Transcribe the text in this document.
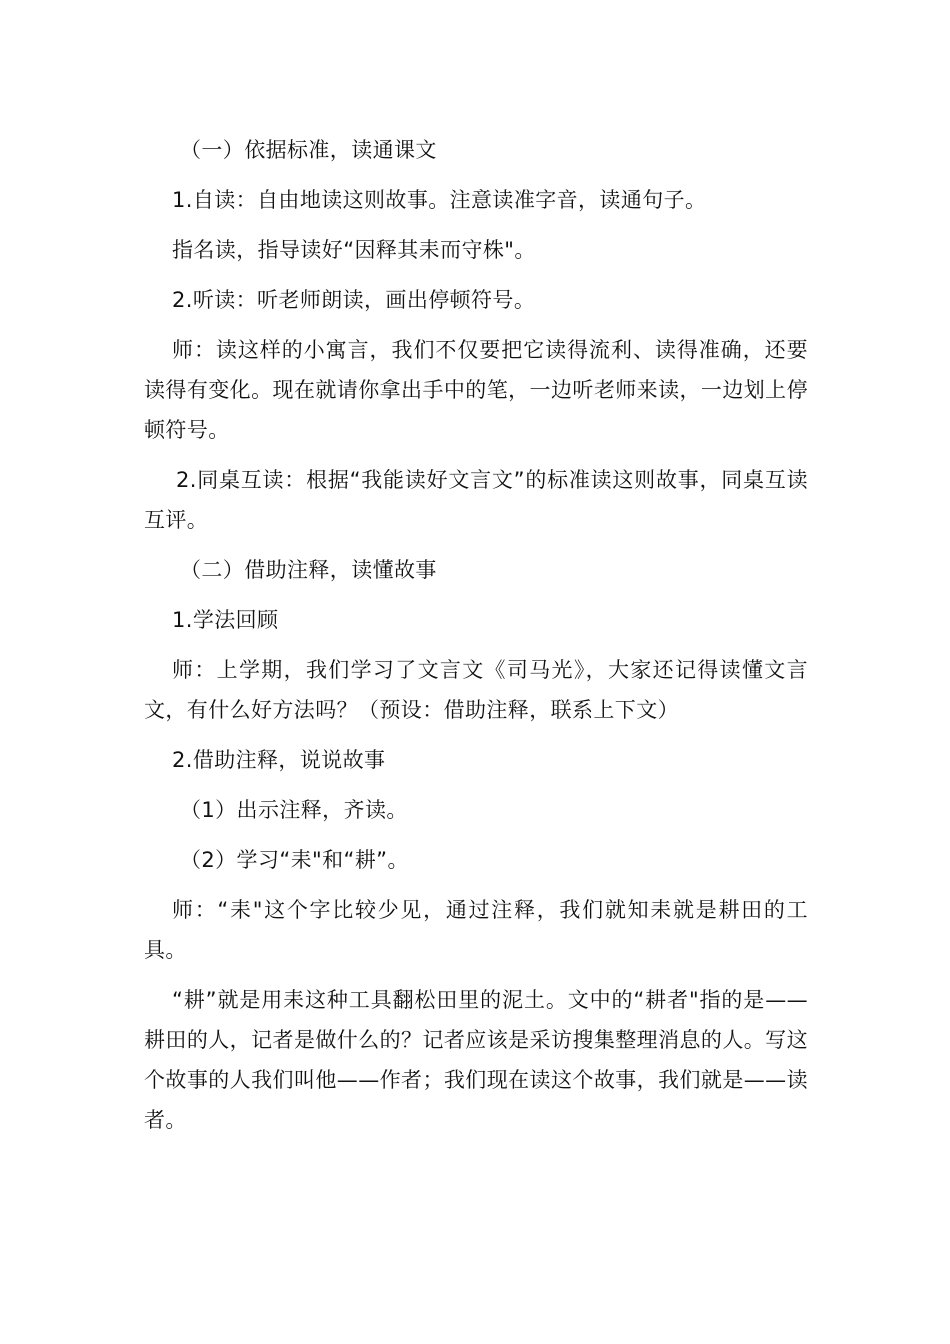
（一）依据标准，读通课文

1.自读：自由地读这则故事。注意读准字音，读通句子。

指名读，指导读好“因释其耒而守株"。

2.听读：听老师朗读，画出停顿符号。

师：读这样的小寓言，我们不仅要把它读得流利、读得准确，还要读得有变化。现在就请你拿出手中的笔，一边听老师来读，一边划上停顿符号。

2.同桌互读：根据“我能读好文言文”的标准读这则故事，同桌互读互评。

（二）借助注释，读懂故事

1.学法回顾

师：上学期，我们学习了文言文《司马光》，大家还记得读懂文言文，有什么好方法吗？（预设：借助注释，联系上下文）

2.借助注释，说说故事

（1）出示注释，齐读。

（2）学习“耒"和“耕”。

师：“耒"这个字比较少见，通过注释，我们就知耒就是耕田的工具。

“耕”就是用耒这种工具翻松田里的泥土。文中的“耕者"指的是——耕田的人，记者是做什么的？记者应该是采访搜集整理消息的人。写这个故事的人我们叫他——作者；我们现在读这个故事，我们就是——读者。
